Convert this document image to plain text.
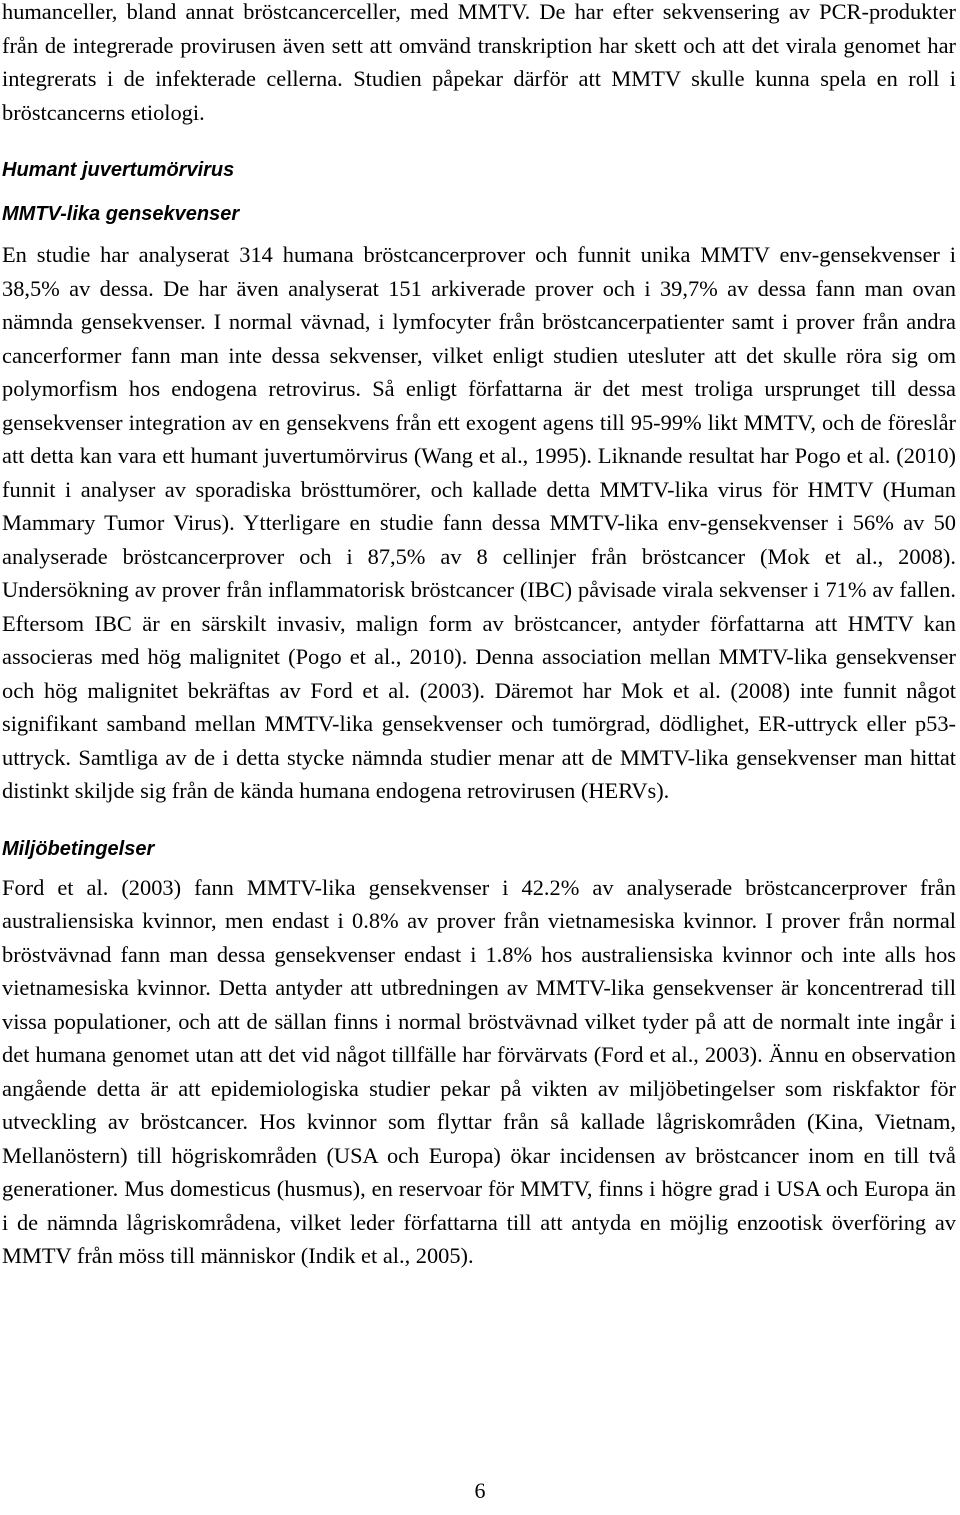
humanceller, bland annat bröstcancerceller, med MMTV. De har efter sekvensering av PCR-produkter från de integrerade provirusen även sett att omvänd transkription har skett och att det virala genomet har integrerats i de infekterade cellerna. Studien påpekar därför att MMTV skulle kunna spela en roll i bröstcancerns etiologi.

Humant juvertumörvirus
MMTV-lika gensekvenser

En studie har analyserat 314 humana bröstcancerprover och funnit unika MMTV env-gensekvenser i 38,5% av dessa. De har även analyserat 151 arkiverade prover och i 39,7% av dessa fann man ovan nämnda gensekvenser. I normal vävnad, i lymfocyter från bröstcancerpatienter samt i prover från andra cancerformer fann man inte dessa sekvenser, vilket enligt studien utesluter att det skulle röra sig om polymorfism hos endogena retrovirus. Så enligt författarna är det mest troliga ursprunget till dessa gensekvenser integration av en gensekvens från ett exogent agens till 95-99% likt MMTV, och de föreslår att detta kan vara ett humant juvertumörvirus (Wang et al., 1995). Liknande resultat har Pogo et al. (2010) funnit i analyser av sporadiska brösttumörer, och kallade detta MMTV-lika virus för HMTV (Human Mammary Tumor Virus). Ytterligare en studie fann dessa MMTV-lika env-gensekvenser i 56% av 50 analyserade bröstcancerprover och i 87,5% av 8 cellinjer från bröstcancer (Mok et al., 2008). Undersökning av prover från inflammatorisk bröstcancer (IBC) påvisade virala sekvenser i 71% av fallen. Eftersom IBC är en särskilt invasiv, malign form av bröstcancer, antyder författarna att HMTV kan associeras med hög malignitet (Pogo et al., 2010). Denna association mellan MMTV-lika gensekvenser och hög malignitet bekräftas av Ford et al. (2003). Däremot har Mok et al. (2008) inte funnit något signifikant samband mellan MMTV-lika gensekvenser och tumörgrad, dödlighet, ER-uttryck eller p53-uttryck. Samtliga av de i detta stycke nämnda studier menar att de MMTV-lika gensekvenser man hittat distinkt skiljde sig från de kända humana endogena retrovirusen (HERVs).

Miljöbetingelser

Ford et al. (2003) fann MMTV-lika gensekvenser i 42.2% av analyserade bröstcancerprover från australiensiska kvinnor, men endast i 0.8% av prover från vietnamesiska kvinnor. I prover från normal bröstvävnad fann man dessa gensekvenser endast i 1.8% hos australiensiska kvinnor och inte alls hos vietnamesiska kvinnor. Detta antyder att utbredningen av MMTV-lika gensekvenser är koncentrerad till vissa populationer, och att de sällan finns i normal bröstvävnad vilket tyder på att de normalt inte ingår i det humana genomet utan att det vid något tillfälle har förvärvats (Ford et al., 2003). Ännu en observation angående detta är att epidemiologiska studier pekar på vikten av miljöbetingelser som riskfaktor för utveckling av bröstcancer. Hos kvinnor som flyttar från så kallade lågriskområden (Kina, Vietnam, Mellanöstern) till högriskområden (USA och Europa) ökar incidensen av bröstcancer inom en till två generationer. Mus domesticus (husmus), en reservoar för MMTV, finns i högre grad i USA och Europa än i de nämnda lågriskområdena, vilket leder författarna till att antyda en möjlig enzootisk överföring av MMTV från möss till människor (Indik et al., 2005).

6
